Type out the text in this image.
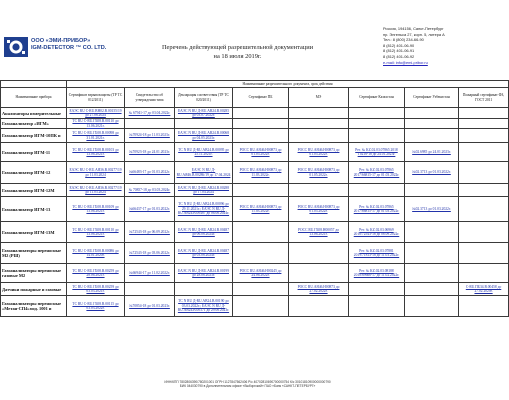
ООО «ЭМИ-ПРИБОР»
IGM-DETECTOR ™ CO. LTD.	Перечень действующей разрешительной документации
на 18 июля 2019г.
Россия, 194156, Санкт-Петербург
пр. Энгельса 27, корп. 5, литера А
Тел.: 8 (800) 234-66-90
8 (812) 401-06-90
8 (812) 401-06-91
8 (812) 401-06-92
e-mail: info@emi-pribor.ru
	Наименование разрешительного документа, срок действия							
Наименование прибора	Сертификат взрывозащиты (ТР ТС 012/2011)	Свидетельство об утверждении типа	Декларация соответствия (ТР ТС 020/2011)	Сертификат ПБ	МЭ	Сертификат Казахстан	Сертификат Узбекистан	Пожарный сертификат ФЗ, ГОСТ 2011
Анализаторы измерительные	ЕАЭС RU C-RU.ВН02.В.00155/19 до 27.06.2024	№ 67941-17 до 03.04.2022г.	ЕАЭС N RU Д-RU.АВ24.В.00285 до 03.07.2022г.					
Газоанализатор «ИГМ»	ТС RU C-RU.ГБ08.В.00110 до 13.06.2021г.							
Газоанализатор ИГМ-10ПК и	ТС RU C-RU.ГБ08.В.00098 до 31.01.2021г.	№70924-18 до 11.03.2023г.	ЕАЭС N RU Д-RU.АВ24.В.00068 до 04.05.2023г.					
Газоанализатор ИГМ-11	ТС RU C-RU.ГБ08.В.00103 до 13.06.2021г.	№70923-18 до 24.01.2023г.	ТС N RU Д-RU.АВ24.В.00095 до 25.11.2021г.	РОСС RU.АЯ46.Н00873 до 01.05.2022г.	РОСС RU.АЯ46.Н00873 до 01.05.2022г.	Рег. № KZ.02.03.07865 2018 Т0216-18 до 24.01.2023г.	№02.6985 до 24.01.2023г.	
Газоанализатор ИГМ-12	ЕАЭС RU C-RU.АЯ36.В.00277/19 до 11.03.2024	№66483-17 до 01.03.2022г.	ЕАЭС N RU Д-RU.АЯ46.В.00286/19 до 17.04.2024	РОСС RU.АЯ46.Н00873 до 11.03.2022г.	РОСС RU.АЯ46.Н00873 до 01.05.2022г.	Рег. № KZ.02.03.07865 2017/66815-17 до 01.03.2022г.	№02.3713 до 01.03.2022г.	
Газоанализатор ИГМ-12М	ЕАЭС RU C-RU.АЯ36.В.00277/19 до 11.03.2024	№ 70857-18 до 03.03.2024г.	ЕАЭС N RU Д-RU.АВ24.В.00288 до 17.04.2024					
Газоанализатор ИГМ-13	ТС RU C-RU.ГБ08.В.00109 до 13.06.2021г.	№66437-17 до 01.03.2022г.	ТС N RU Д-RU.АВ24.В.00096 до 29.11.2021г.; ЕАЭС N RU Д-RU.АВ24.В.00487 до 06.06.2024г.	РОСС RU.АЯ46.Н00873 до 11.03.2022г.	РОСС RU.АЯ46.Н00873 до 01.05.2022г.	Рег. № KZ.02.03.07865 2017/66815-17 до 01.03.2022г.	№02.3713 до 01.03.2022г.	
Газоанализатор ИГМ-13М	ТС RU C-RU.ГБ08.В.00110 до 13.06.2021г.	№72543-18 до 06.09.2022г.	ЕАЭС N RU Д-RU.АВ24.В.00487 до 06.06.2024г.		РОСС RU.ГБ08.Н00057 до 13.06.2021г.	Рег. № KZ.02.03.06969 2018/72543-18 до 06.09.2022г.		
Газоанализаторы переносные М2 (РШ)	ТС RU C-RU.ГБ08.В.00086 до 14.01.2020г.	№72543-18 до 03.06.2022г.	ЕАЭС N RU Д-RU.АВ24.В.00487 до 03.06.2024г.			Рег. № KZ.02.03.07881 2019/71813-18 до 11.03.2022г.		
Газоанализаторы переносные газовые М2	ТС RU C-RU.ГБ08.В.00259 до 28.06.2021г.	№66944-17 до 11.02.2022г.	ЕАЭС N RU Д-RU.АВ24.В.00199 до 28.06.2023г.	РОСС RU.АЯ46.Н00245 до 24.06.2022г.		Рег. № KZ.02.03.08188 2018/69666-17 до 11.02.2022г.		
Датчики пожарные и газовые	ТС RU C-RU.ГБ08.В.00259 до 03.03.2021г.				РОСС RU.АЯ46.Н00873 до 27.02.2022г.			С-RU.ПБ34.В.00458 до 27.02.2020г.
Газоанализаторы переносные «Метан-СП4»мод. 1001 и	ТС RU C-RU.ГБ08.В.00115 до 03.03.2022г.	№70854-18 до 01.03.2023г.	ТС N RU Д-RU.АВ24.В.00190 до 03.03.2022г.; ЕАЭС N RU Д-RU.АВ24.В.00371 до 29.06.2023г.					
ИНН/КПП 7802806390/780201001 ОГРН 1127847562406 Р/с 40702810690700000754 К/с 30101810900000000790
БИК 044030790 в Дополнительном офисе «Выборгский» ПАО «Банк «САНКТ-ПЕТЕРБУРГ»
